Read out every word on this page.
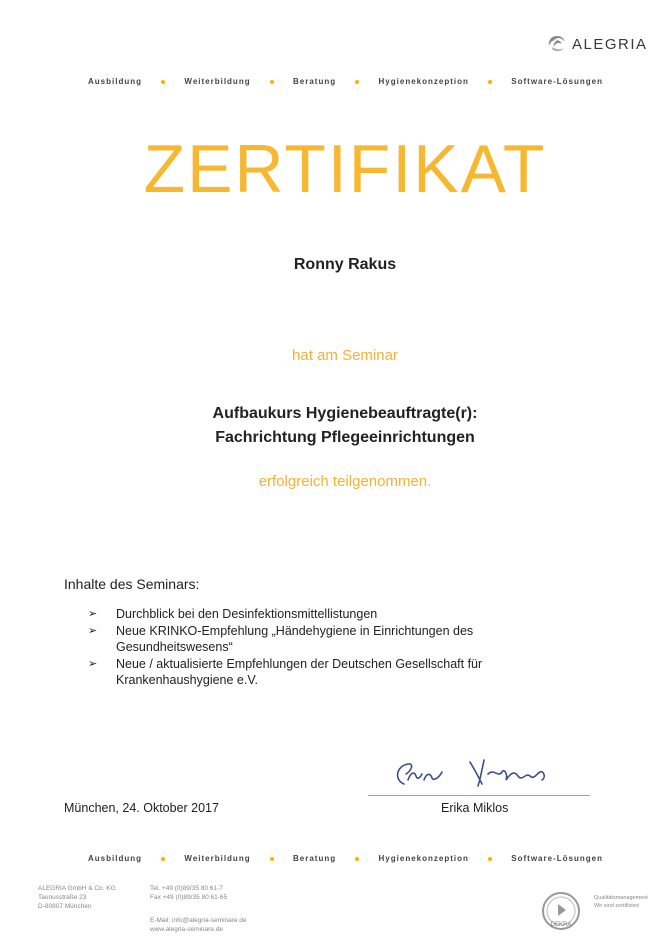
ALEGRIA
Ausbildung	Weiterbildung	Beratung	Hygienekonzeption	Software-Lösungen
ZERTIFIKAT
Ronny Rakus
hat am Seminar
Aufbaukurs Hygienebeauftragte(r):
Fachrichtung Pflegeeinrichtungen
erfolgreich teilgenommen.
Inhalte des Seminars:
➢ Durchblick bei den Desinfektionsmittellistungen
➢ Neue KRINKO-Empfehlung „Händehygiene in Einrichtungen des Gesundheitswesens“
➢ Neue / aktualisierte Empfehlungen der Deutschen Gesellschaft für Krankenhaushygiene e.V.
München, 24. Oktober 2017	Erika Miklos
Ausbildung	Weiterbildung	Beratung	Hygienekonzeption	Software-Lösungen
ALEGRIA GmbH & Co. KG
Taunusstraße 23
D-80807 München
Tel. +49 (0)89/35 80 61-7
Fax +49 (0)89/35 80 61-65
E-Mail: info@alegria-seminare.de
www.alegria-seminare.de
DEKRA
Qualitätsmanagement
Wir sind zertifiziert
